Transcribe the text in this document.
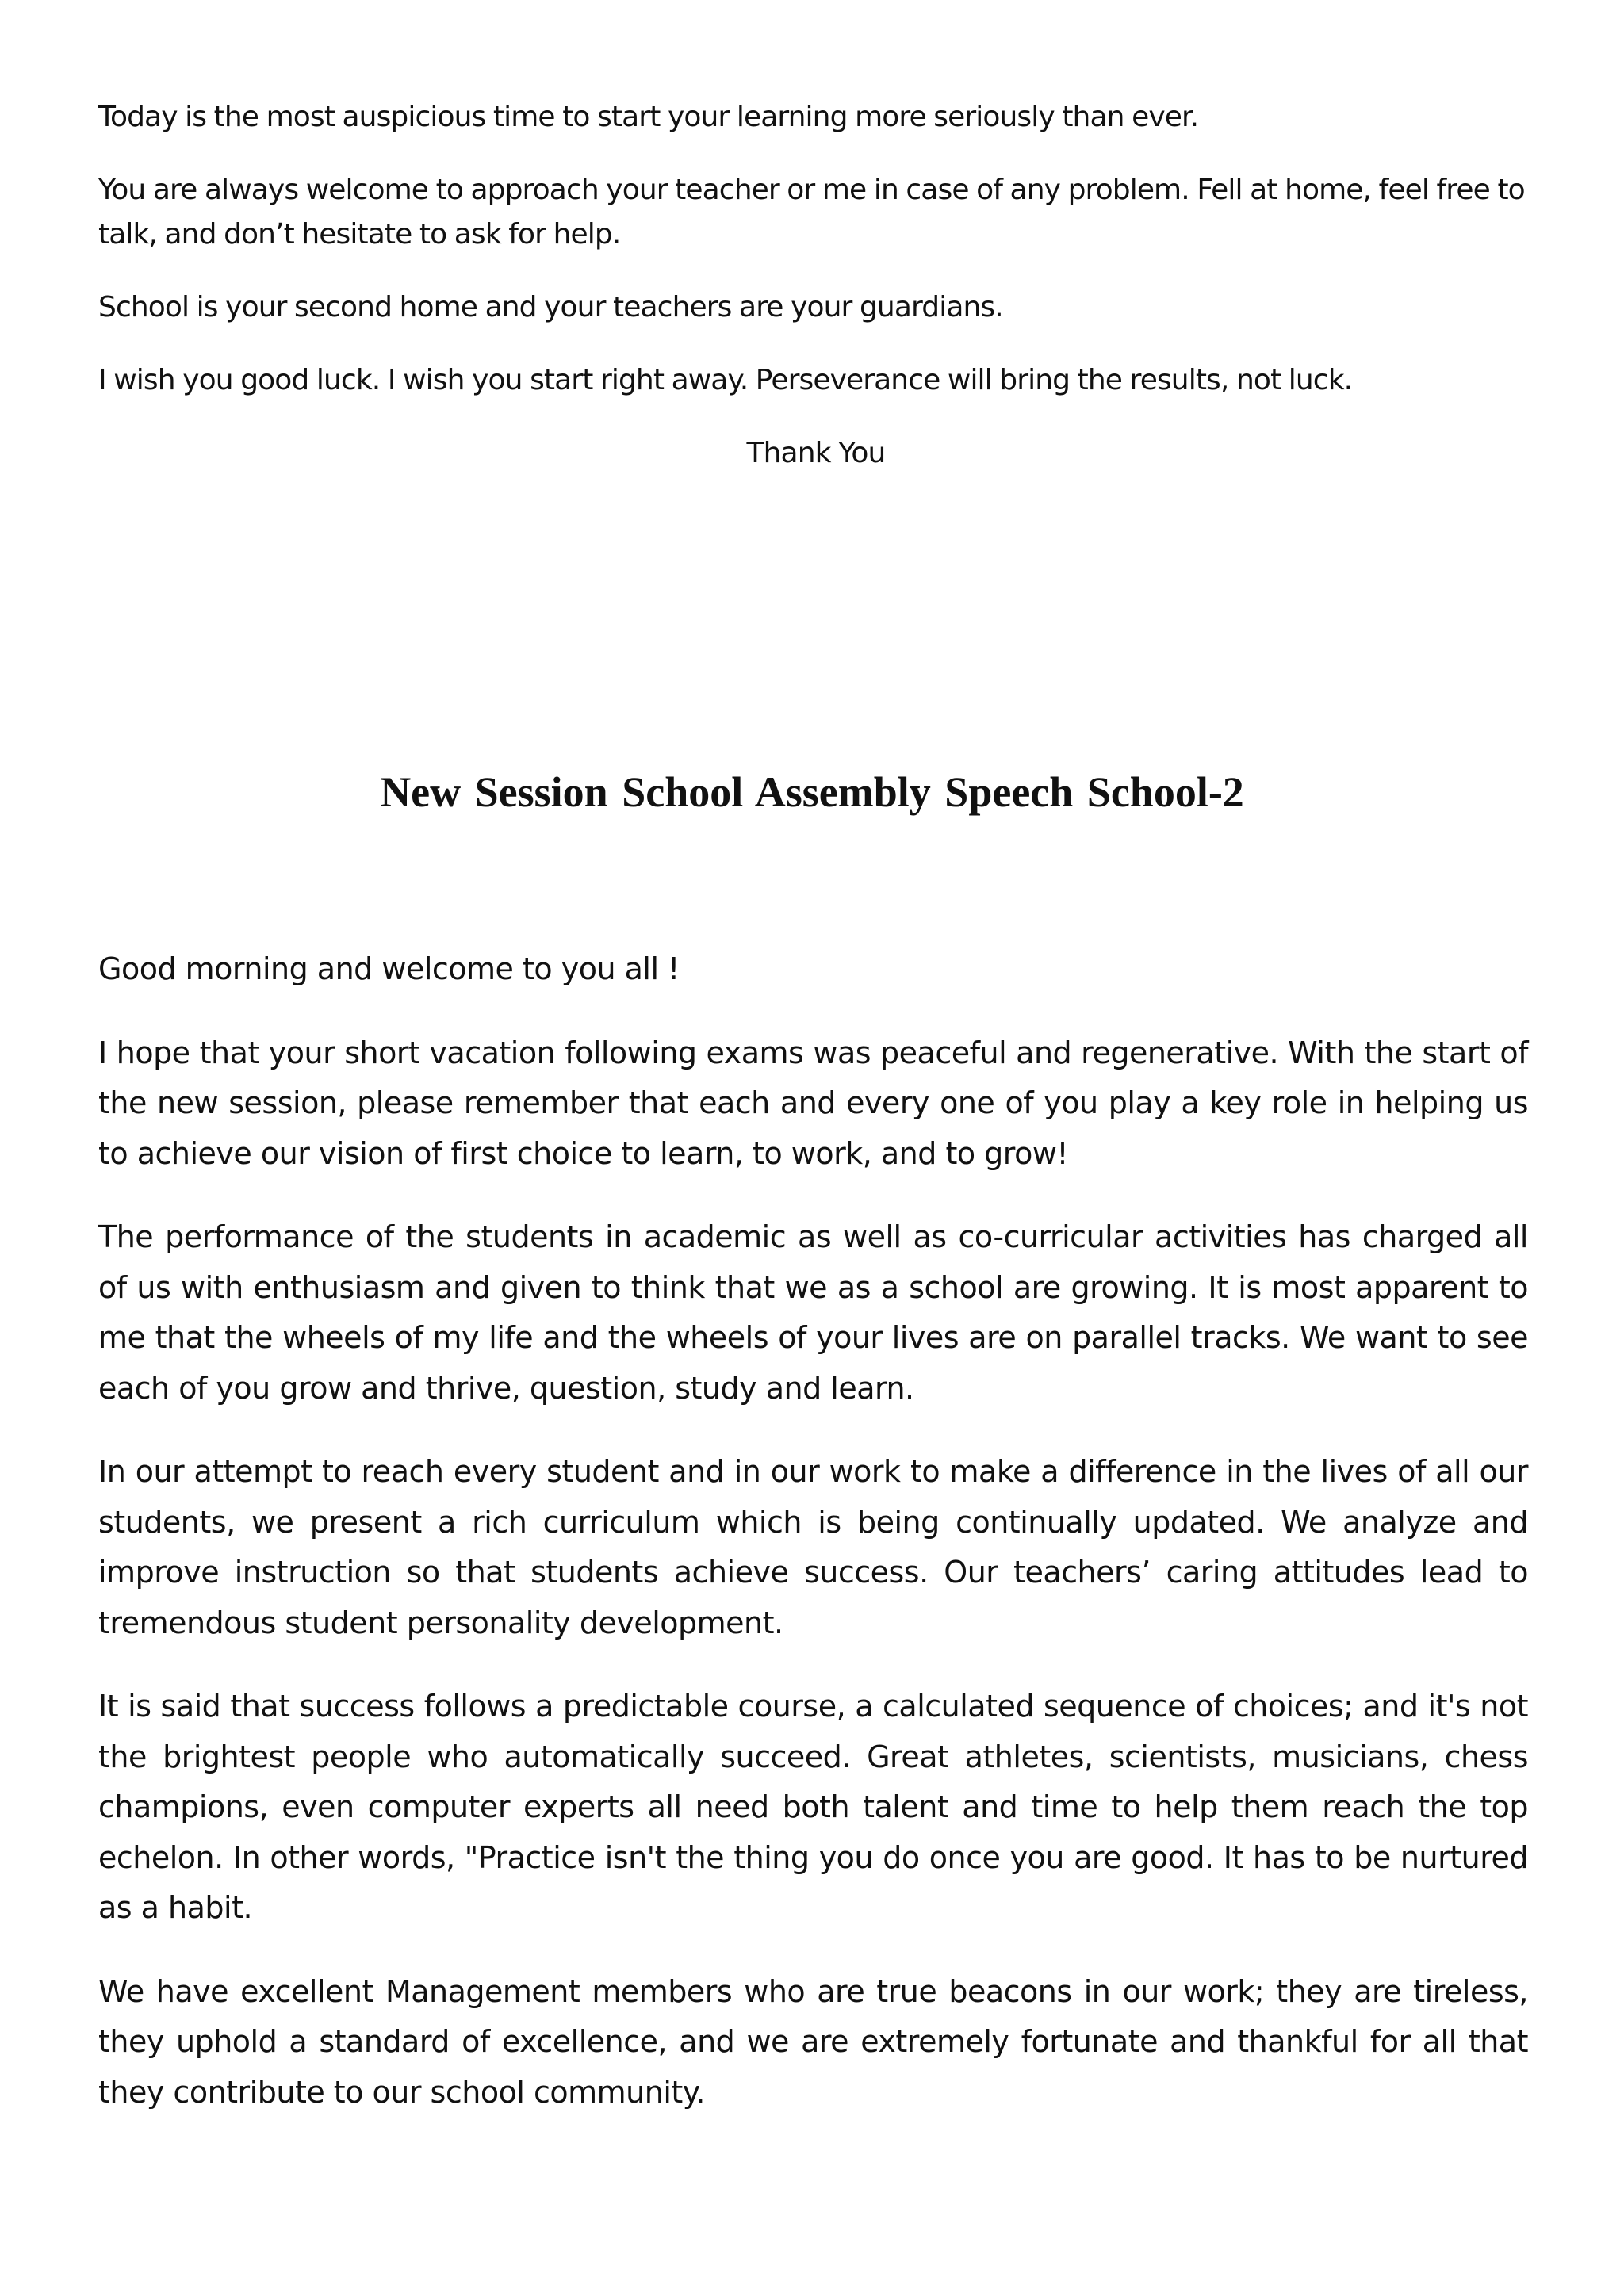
Today is the most auspicious time to start your learning more seriously than ever.

You are always welcome to approach your teacher or me in case of any problem. Fell at home, feel free to talk, and don’t hesitate to ask for help.

School is your second home and your teachers are your guardians.

I wish you good luck. I wish you start right away. Perseverance will bring the results, not luck.

Thank You

New Session School Assembly Speech School-2

Good morning and welcome to you all !

I hope that your short vacation following exams was peaceful and regenerative. With the start of the new session, please remember that each and every one of you play a key role in helping us to achieve our vision of first choice to learn, to work, and to grow!

The performance of the students in academic as well as co-curricular activities has charged all of us with enthusiasm and given to think that we as a school are growing. It is most apparent to me that the wheels of my life and the wheels of your lives are on parallel tracks. We want to see each of you grow and thrive, question, study and learn.

In our attempt to reach every student and in our work to make a difference in the lives of all our students, we present a rich curriculum which is being continually updated. We analyze and improve instruction so that students achieve success. Our teachers’ caring attitudes lead to tremendous student personality development.

It is said that success follows a predictable course, a calculated sequence of choices; and it's not the brightest people who automatically succeed. Great athletes, scientists, musicians, chess champions, even computer experts all need both talent and time to help them reach the top echelon. In other words, "Practice isn't the thing you do once you are good. It has to be nurtured as a habit.

We have excellent Management members who are true beacons in our work; they are tireless, they uphold a standard of excellence, and we are extremely fortunate and thankful for all that they contribute to our school community.
